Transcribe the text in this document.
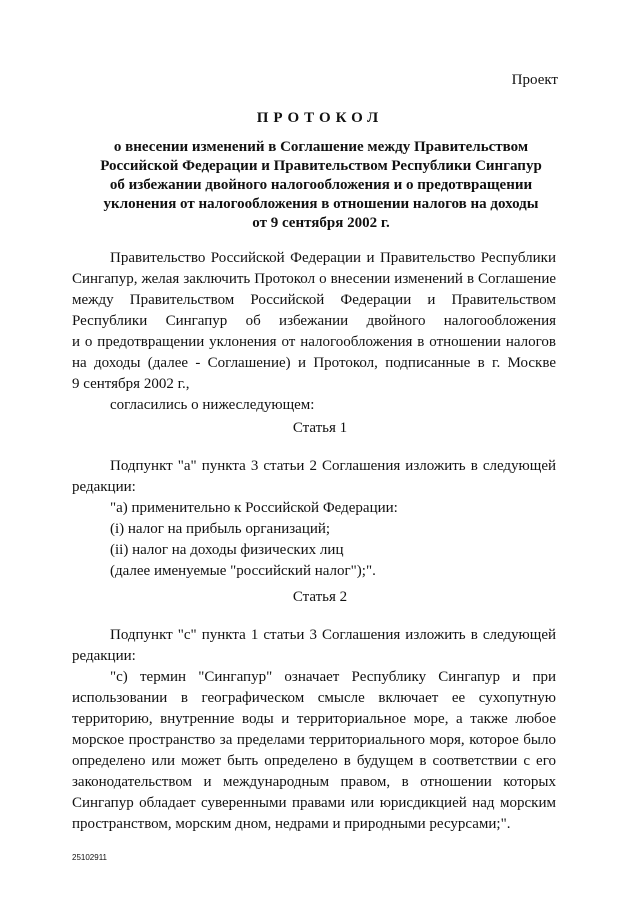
Проект

ПРОТОКОЛ

о внесении изменений в Соглашение между Правительством
Российской Федерации и Правительством Республики Сингапур
об избежании двойного налогообложения и о предотвращении
уклонения от налогообложения в отношении налогов на доходы
от 9 сентября 2002 г.
Правительство Российской Федерации и Правительство Республики
Сингапур, желая заключить Протокол о внесении изменений в Соглашение
между Правительством Российской Федерации и Правительством
Республики Сингапур об избежании двойного налогообложения
и о предотвращении уклонения от налогообложения в отношении налогов
на доходы (далее - Соглашение) и Протокол, подписанные в г. Москве
9 сентября 2002 г.,
согласились о нижеследующем:

Статья 1

Подпункт "а" пункта 3 статьи 2 Соглашения изложить в следующей
редакции:
"а) применительно к Российской Федерации:
(i) налог на прибыль организаций;
(ii) налог на доходы физических лиц
(далее именуемые "российский налог");".

Статья 2

Подпункт "с" пункта 1 статьи 3 Соглашения изложить в следующей
редакции:
"с) термин "Сингапур" означает Республику Сингапур и при
использовании в географическом смысле включает ее сухопутную
территорию, внутренние воды и территориальное море, а также любое
морское пространство за пределами территориального моря, которое было
определено или может быть определено в будущем в соответствии с его
законодательством и международным правом, в отношении которых
Сингапур обладает суверенными правами или юрисдикцией над морским
пространством, морским дном, недрами и природными ресурсами;".

25102911
